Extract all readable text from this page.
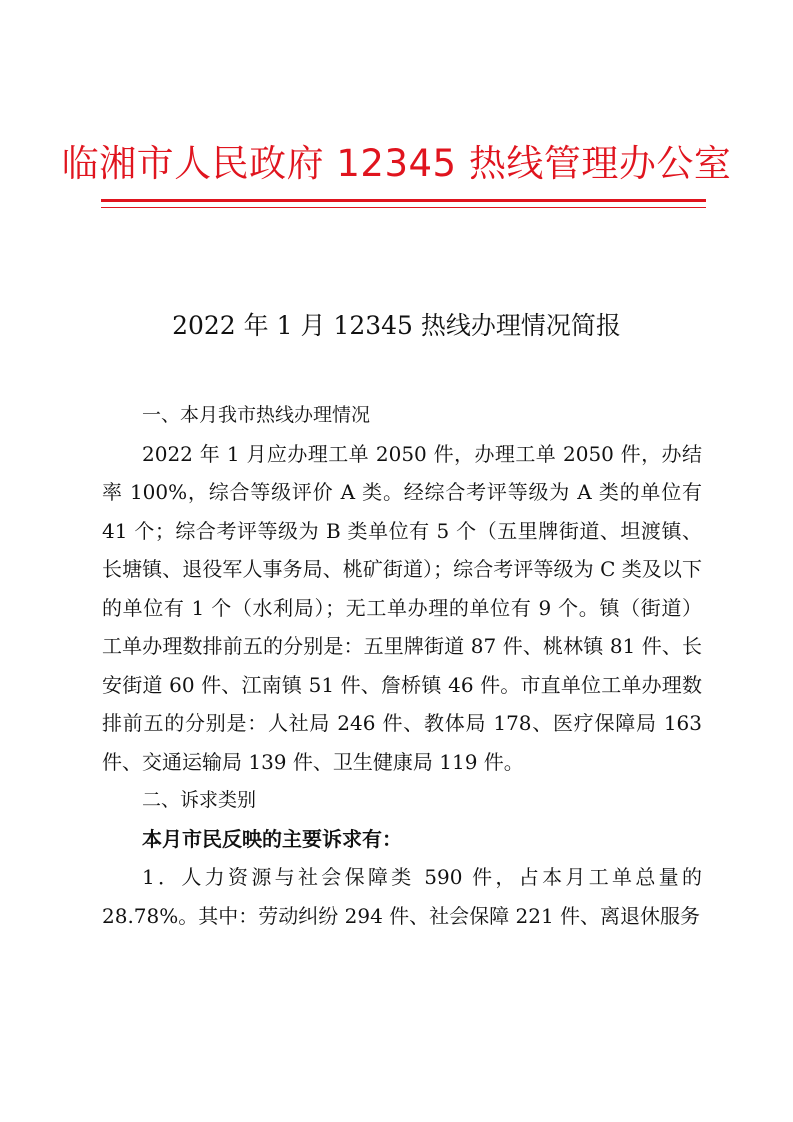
临湘市人民政府 12345 热线管理办公室
2022 年 1 月 12345 热线办理情况简报

一、本月我市热线办理情况

2022 年 1 月应办理工单 2050 件，办理工单 2050 件，办结率 100%，综合等级评价 A 类。经综合考评等级为 A 类的单位有 41 个；综合考评等级为 B 类单位有 5 个（五里牌街道、坦渡镇、长塘镇、退役军人事务局、桃矿街道）；综合考评等级为 C 类及以下的单位有 1 个（水利局）；无工单办理的单位有 9 个。镇（街道）工单办理数排前五的分别是：五里牌街道 87 件、桃林镇 81 件、长安街道 60 件、江南镇 51 件、詹桥镇 46 件。市直单位工单办理数排前五的分别是：人社局 246 件、教体局 178、医疗保障局 163 件、交通运输局 139 件、卫生健康局 119 件。

二、诉求类别

本月市民反映的主要诉求有：

1．人力资源与社会保障类 590 件，占本月工单总量的 28.78%。其中：劳动纠纷 294 件、社会保障 221 件、离退休服务
